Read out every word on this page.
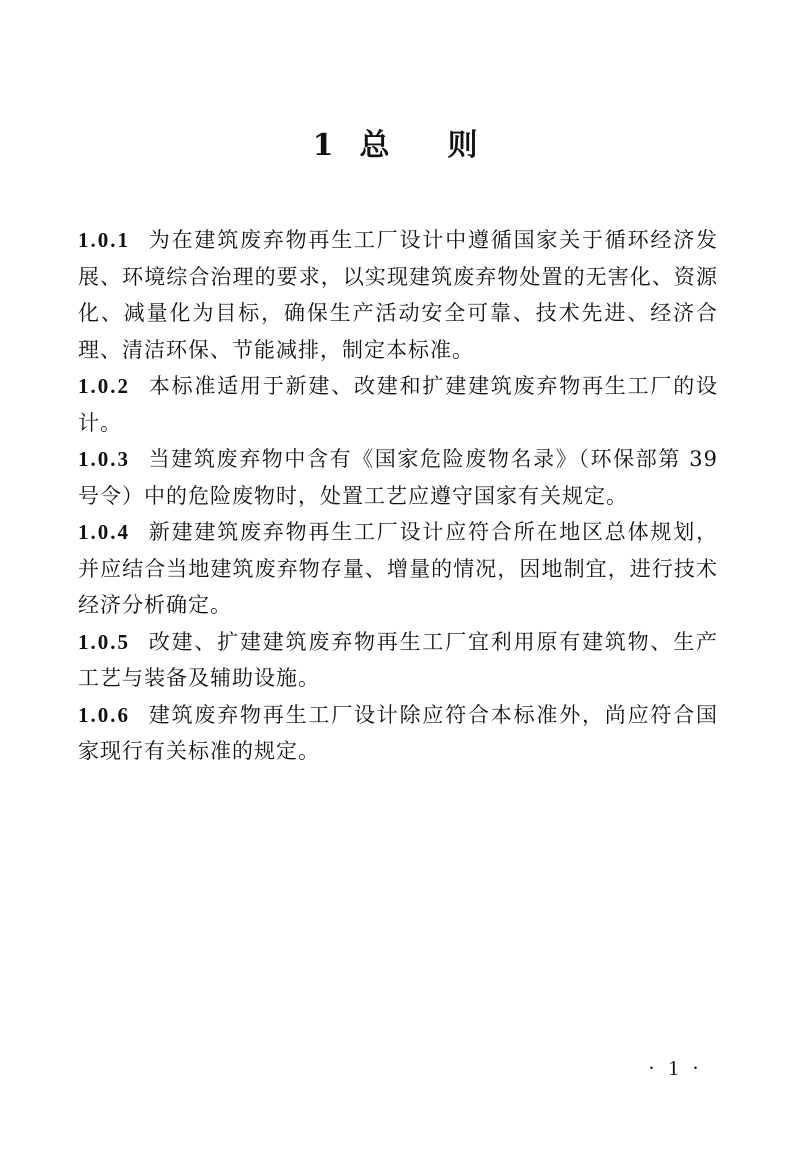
1 总 则

1.0.1 为在建筑废弃物再生工厂设计中遵循国家关于循环经济发展、环境综合治理的要求，以实现建筑废弃物处置的无害化、资源化、减量化为目标，确保生产活动安全可靠、技术先进、经济合理、清洁环保、节能减排，制定本标准。

1.0.2 本标准适用于新建、改建和扩建建筑废弃物再生工厂的设计。

1.0.3 当建筑废弃物中含有《国家危险废物名录》（环保部第 39 号令）中的危险废物时，处置工艺应遵守国家有关规定。

1.0.4 新建建筑废弃物再生工厂设计应符合所在地区总体规划，并应结合当地建筑废弃物存量、增量的情况，因地制宜，进行技术经济分析确定。

1.0.5 改建、扩建建筑废弃物再生工厂宜利用原有建筑物、生产工艺与装备及辅助设施。

1.0.6 建筑废弃物再生工厂设计除应符合本标准外，尚应符合国家现行有关标准的规定。

· 1 ·
